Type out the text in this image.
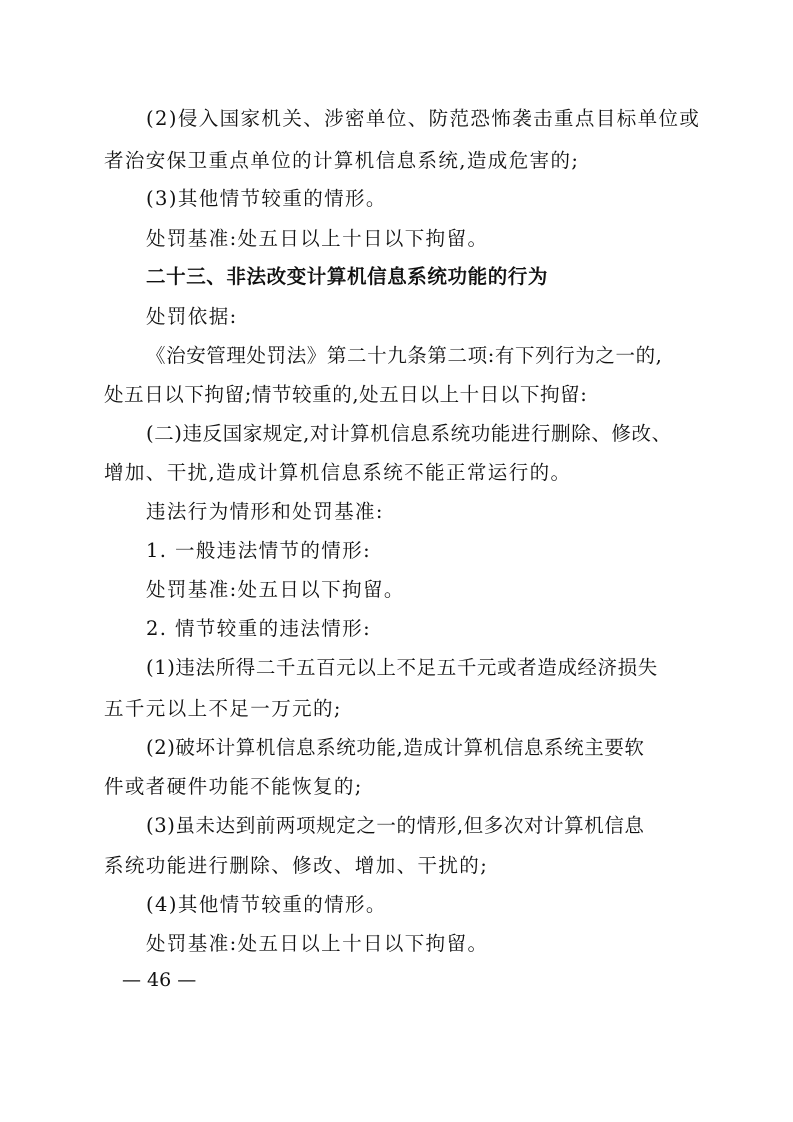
(2)侵入国家机关、涉密单位、防范恐怖袭击重点目标单位或
者治安保卫重点单位的计算机信息系统,造成危害的;
(3)其他情节较重的情形。
处罚基准:处五日以上十日以下拘留。
二十三、非法改变计算机信息系统功能的行为
处罚依据:
《治安管理处罚法》第二十九条第二项:有下列行为之一的,
处五日以下拘留;情节较重的,处五日以上十日以下拘留:
(二)违反国家规定,对计算机信息系统功能进行删除、修改、
增加、干扰,造成计算机信息系统不能正常运行的。
违法行为情形和处罚基准:
1. 一般违法情节的情形:
处罚基准:处五日以下拘留。
2. 情节较重的违法情形:
(1)违法所得二千五百元以上不足五千元或者造成经济损失
五千元以上不足一万元的;
(2)破坏计算机信息系统功能,造成计算机信息系统主要软
件或者硬件功能不能恢复的;
(3)虽未达到前两项规定之一的情形,但多次对计算机信息
系统功能进行删除、修改、增加、干扰的;
(4)其他情节较重的情形。
处罚基准:处五日以上十日以下拘留。
— 46 —
